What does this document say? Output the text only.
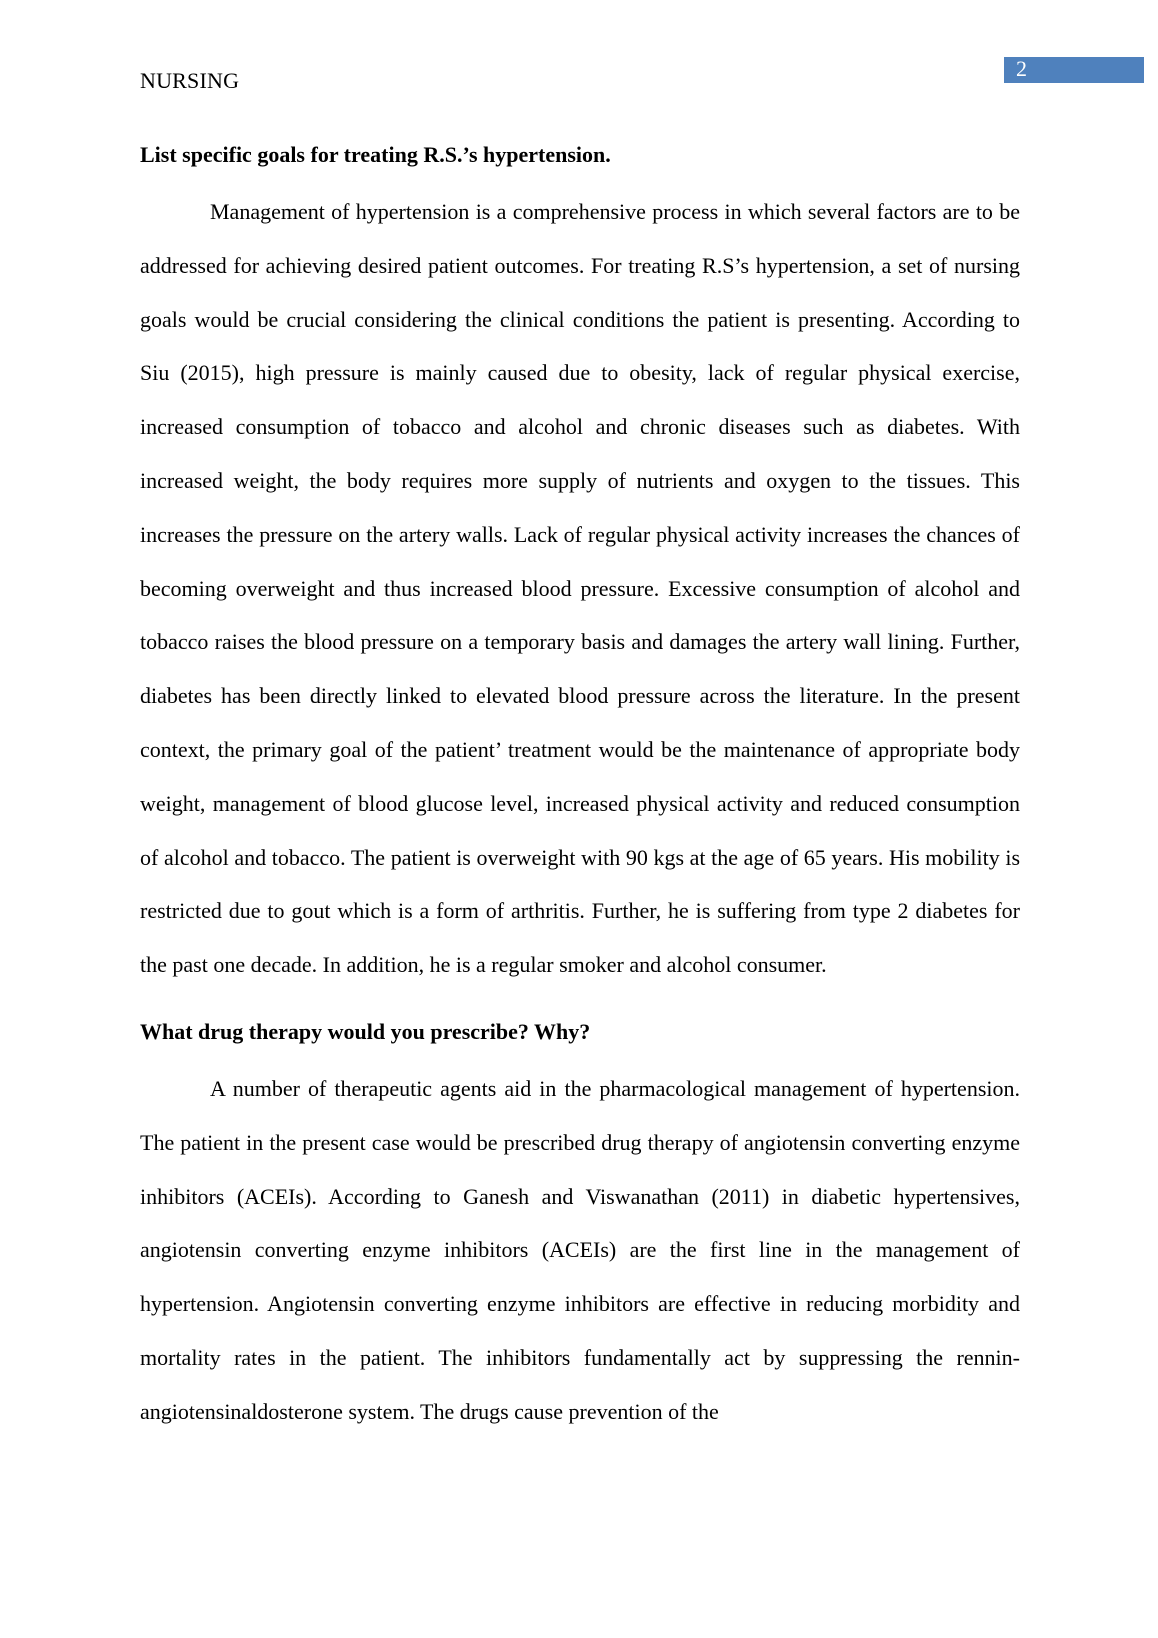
NURSING	2

List specific goals for treating R.S.’s hypertension.

Management of hypertension is a comprehensive process in which several factors are to be addressed for achieving desired patient outcomes. For treating R.S’s hypertension, a set of nursing goals would be crucial considering the clinical conditions the patient is presenting. According to Siu (2015), high pressure is mainly caused due to obesity, lack of regular physical exercise, increased consumption of tobacco and alcohol and chronic diseases such as diabetes. With increased weight, the body requires more supply of nutrients and oxygen to the tissues. This increases the pressure on the artery walls. Lack of regular physical activity increases the chances of becoming overweight and thus increased blood pressure. Excessive consumption of alcohol and tobacco raises the blood pressure on a temporary basis and damages the artery wall lining. Further, diabetes has been directly linked to elevated blood pressure across the literature. In the present context, the primary goal of the patient’ treatment would be the maintenance of appropriate body weight, management of blood glucose level, increased physical activity and reduced consumption of alcohol and tobacco. The patient is overweight with 90 kgs at the age of 65 years. His mobility is restricted due to gout which is a form of arthritis. Further, he is suffering from type 2 diabetes for the past one decade. In addition, he is a regular smoker and alcohol consumer.

What drug therapy would you prescribe? Why?

A number of therapeutic agents aid in the pharmacological management of hypertension. The patient in the present case would be prescribed drug therapy of angiotensin converting enzyme inhibitors (ACEIs). According to Ganesh and Viswanathan (2011) in diabetic hypertensives, angiotensin converting enzyme inhibitors (ACEIs) are the first line in the management of hypertension. Angiotensin converting enzyme inhibitors are effective in reducing morbidity and mortality rates in the patient. The inhibitors fundamentally act by suppressing the rennin-angiotensinaldosterone system. The drugs cause prevention of the
